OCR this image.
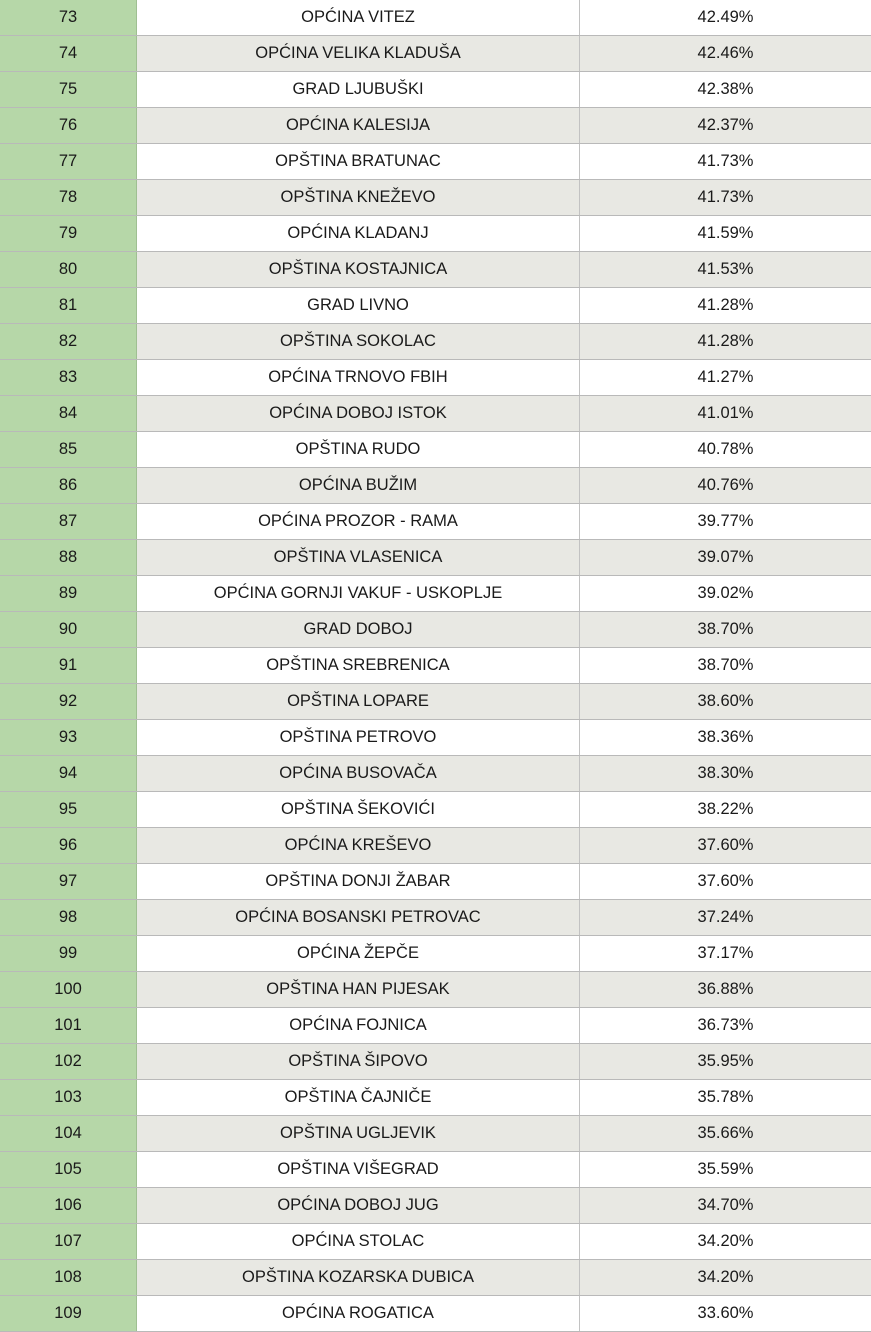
73	OPĆINA VITEZ	42.49%
74	OPĆINA VELIKA KLADUŠA	42.46%
75	GRAD LJUBUŠKI	42.38%
76	OPĆINA KALESIJA	42.37%
77	OPŠTINA BRATUNAC	41.73%
78	OPŠTINA KNEŽEVO	41.73%
79	OPĆINA KLADANJ	41.59%
80	OPŠTINA KOSTAJNICA	41.53%
81	GRAD LIVNO	41.28%
82	OPŠTINA SOKOLAC	41.28%
83	OPĆINA TRNOVO FBIH	41.27%
84	OPĆINA DOBOJ ISTOK	41.01%
85	OPŠTINA RUDO	40.78%
86	OPĆINA BUŽIM	40.76%
87	OPĆINA PROZOR - RAMA	39.77%
88	OPŠTINA VLASENICA	39.07%
89	OPĆINA GORNJI VAKUF - USKOPLJE	39.02%
90	GRAD DOBOJ	38.70%
91	OPŠTINA SREBRENICA	38.70%
92	OPŠTINA LOPARE	38.60%
93	OPŠTINA PETROVO	38.36%
94	OPĆINA BUSOVAČA	38.30%
95	OPŠTINA ŠEKOVIĆI	38.22%
96	OPĆINA KREŠEVO	37.60%
97	OPŠTINA DONJI ŽABAR	37.60%
98	OPĆINA BOSANSKI PETROVAC	37.24%
99	OPĆINA ŽEPČE	37.17%
100	OPŠTINA HAN PIJESAK	36.88%
101	OPĆINA FOJNICA	36.73%
102	OPŠTINA ŠIPOVO	35.95%
103	OPŠTINA ČAJNIČE	35.78%
104	OPŠTINA UGLJEVIK	35.66%
105	OPŠTINA VIŠEGRAD	35.59%
106	OPĆINA DOBOJ JUG	34.70%
107	OPĆINA STOLAC	34.20%
108	OPŠTINA KOZARSKA DUBICA	34.20%
109	OPĆINA ROGATICA	33.60%
